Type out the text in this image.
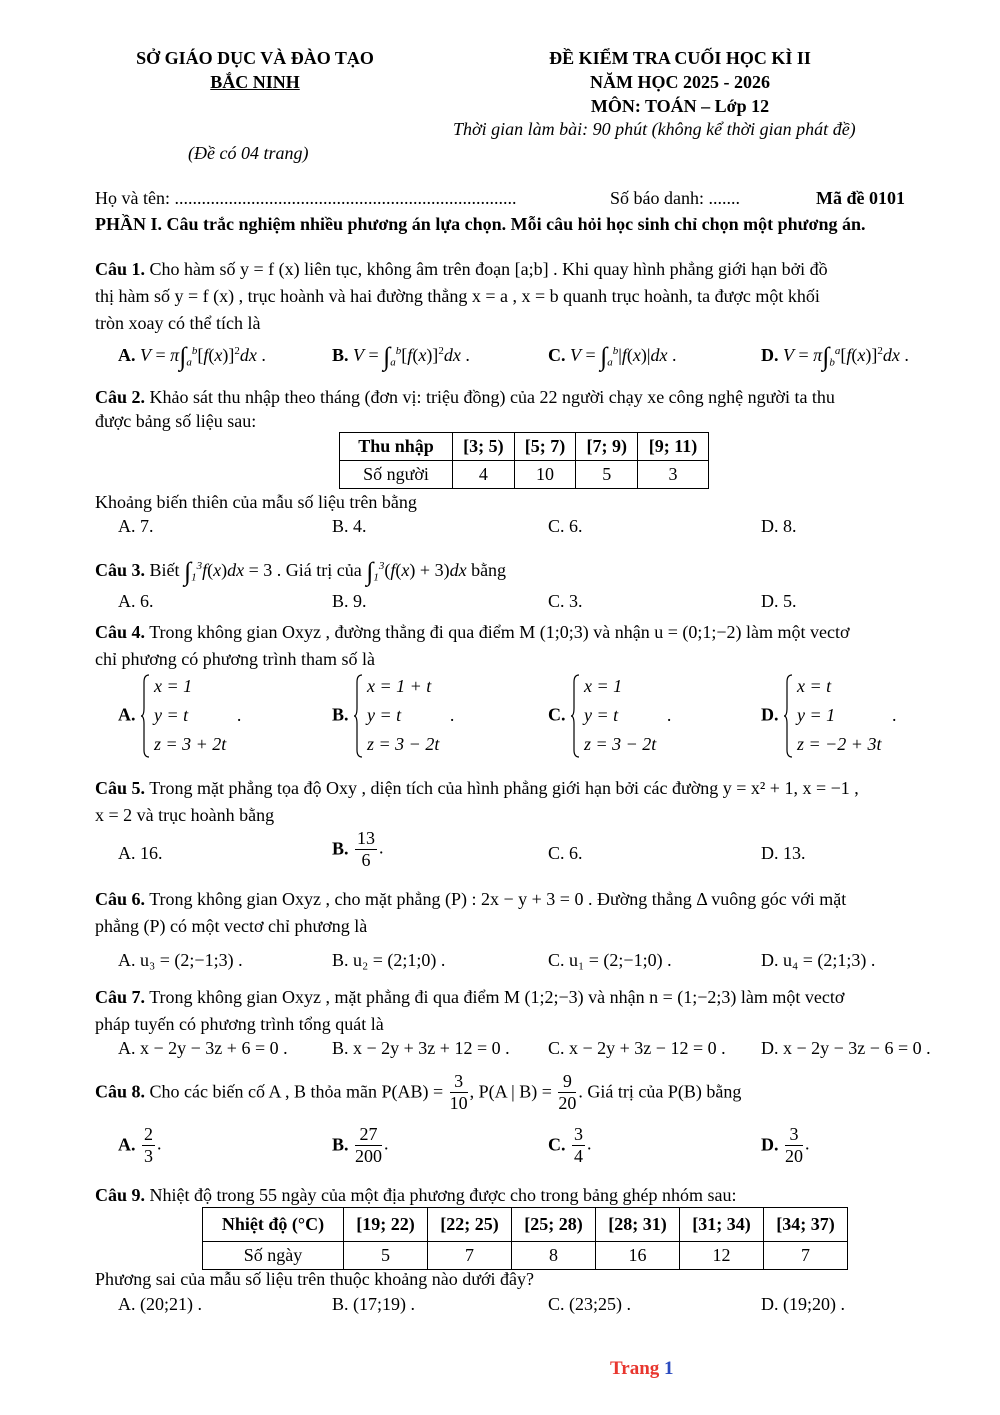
SỞ GIÁO DỤC VÀ ĐÀO TẠO
BẮC NINH
ĐỀ KIỂM TRA CUỐI HỌC KÌ II
NĂM HỌC 2025 - 2026
MÔN: TOÁN – Lớp 12
Thời gian làm bài: 90 phút (không kể thời gian phát đề)
(Đề có 04 trang)
Họ và tên: ............................................................................	Số báo danh: .......	Mã đề 0101
PHẦN I. Câu trắc nghiệm nhiều phương án lựa chọn. Mỗi câu hỏi học sinh chỉ chọn một phương án.
Câu 1. Cho hàm số y = f (x) liên tục, không âm trên đoạn [a;b] . Khi quay hình phẳng giới hạn bởi đồ
thị hàm số y = f (x) , trục hoành và hai đường thẳng x = a , x = b quanh trục hoành, ta được một khối
tròn xoay có thể tích là
A. $V = \pi\int_a^b[f(x)]^2dx$ .	B. $V = \int_a^b[f(x)]^2dx$ .	C. $V = \int_a^b|f(x)|dx$ .	D. $V = \pi\int_b^a[f(x)]^2dx$ .
Câu 2. Khảo sát thu nhập theo tháng (đơn vị: triệu đồng) của 22 người chạy xe công nghệ người ta thu
được bảng số liệu sau:
Thu nhập	[3; 5)	[5; 7)	[7; 9)	[9; 11)
Số người	4	10	5	3
Khoảng biến thiên của mẫu số liệu trên bằng
A. 7.	B. 4.	C. 6.	D. 8.
Câu 3. Biết $\int_1^3f(x)dx = 3$ . Giá trị của $\int_1^3(f(x) + 3)dx$ bằng
A. 6.	B. 9.	C. 3.	D. 5.
Câu 4. Trong không gian Oxyz , đường thẳng đi qua điểm M (1;0;3) và nhận u = (0;1;−2) làm một vectơ
chỉ phương có phương trình tham số là
A.
x = 1
y = t
z = 3 + 2t
.	B.
x = 1 + t
y = t
z = 3 − 2t
.	C.
x = 1
y = t
z = 3 − 2t
.	D.
x = t
y = 1
z = −2 + 3t
.
Câu 5. Trong mặt phẳng tọa độ Oxy , diện tích của hình phẳng giới hạn bởi các đường y = x² + 1, x = −1 ,
x = 2 và trục hoành bằng
A. 16.	B. $\frac{13}{6}$ .	C. 6.	D. 13.
Câu 6. Trong không gian Oxyz , cho mặt phẳng (P) : 2x − y + 3 = 0 . Đường thẳng Δ vuông góc với mặt
phẳng (P) có một vectơ chỉ phương là
A. u₃ = (2;−1;3) .	B. u₂ = (2;1;0) .	C. u₁ = (2;−1;0) .	D. u₄ = (2;1;3) .
Câu 7. Trong không gian Oxyz , mặt phẳng đi qua điểm M (1;2;−3) và nhận n = (1;−2;3) làm một vectơ
pháp tuyến có phương trình tổng quát là
A. x − 2y − 3z + 6 = 0 . B. x − 2y + 3z + 12 = 0 . C. x − 2y + 3z − 12 = 0 . D. x − 2y − 3z − 6 = 0 .
Câu 8. Cho các biến cố A , B thỏa mãn $P(AB) = \frac{3}{10}$ , P(A | $B) = \frac{9}{20}$ . Giá trị của P(B) bằng
A. $\frac{2}{3}$ .	B. $\frac{27}{200}$ .	C. $\frac{3}{4}$ .	D. $\frac{3}{20}$ .
Câu 9. Nhiệt độ trong 55 ngày của một địa phương được cho trong bảng ghép nhóm sau:
Nhiệt độ (°C)	[19; 22)	[22; 25)	[25; 28)	[28; 31)	[31; 34)	[34; 37)
Số ngày	5	7	8	16	12	7
Phương sai của mẫu số liệu trên thuộc khoảng nào dưới đây?
A. (20;21) .	B. (17;19) .	C. (23;25) .	D. (19;20) .
Trang 1
